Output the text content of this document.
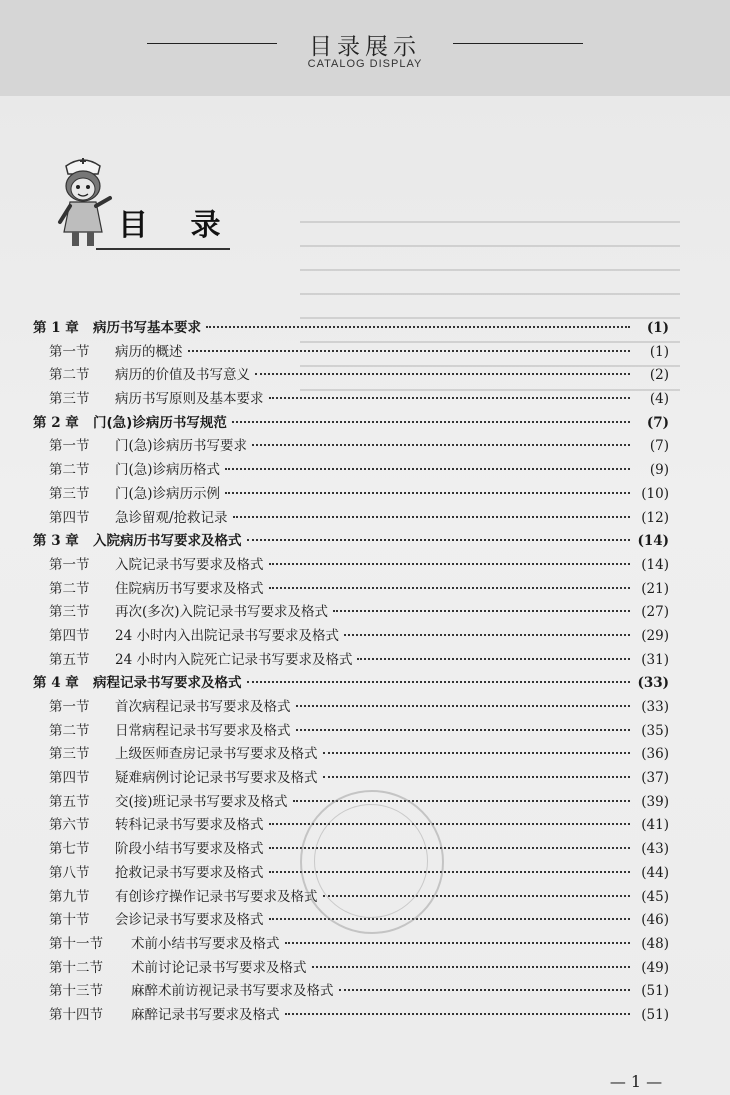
目录展示
CATALOG DISPLAY
目 录
第 1 章	病历书写基本要求	(1)
第一节	病历的概述	(1)
第二节	病历的价值及书写意义	(2)
第三节	病历书写原则及基本要求	(4)
第 2 章	门(急)诊病历书写规范	(7)
第一节	门(急)诊病历书写要求	(7)
第二节	门(急)诊病历格式	(9)
第三节	门(急)诊病历示例	(10)
第四节	急诊留观/抢救记录	(12)
第 3 章	入院病历书写要求及格式	(14)
第一节	入院记录书写要求及格式	(14)
第二节	住院病历书写要求及格式	(21)
第三节	再次(多次)入院记录书写要求及格式	(27)
第四节	24 小时内入出院记录书写要求及格式	(29)
第五节	24 小时内入院死亡记录书写要求及格式	(31)
第 4 章	病程记录书写要求及格式	(33)
第一节	首次病程记录书写要求及格式	(33)
第二节	日常病程记录书写要求及格式	(35)
第三节	上级医师查房记录书写要求及格式	(36)
第四节	疑难病例讨论记录书写要求及格式	(37)
第五节	交(接)班记录书写要求及格式	(39)
第六节	转科记录书写要求及格式	(41)
第七节	阶段小结书写要求及格式	(43)
第八节	抢救记录书写要求及格式	(44)
第九节	有创诊疗操作记录书写要求及格式	(45)
第十节	会诊记录书写要求及格式	(46)
第十一节	术前小结书写要求及格式	(48)
第十二节	术前讨论记录书写要求及格式	(49)
第十三节	麻醉术前访视记录书写要求及格式	(51)
第十四节	麻醉记录书写要求及格式	(51)
— 1 —
